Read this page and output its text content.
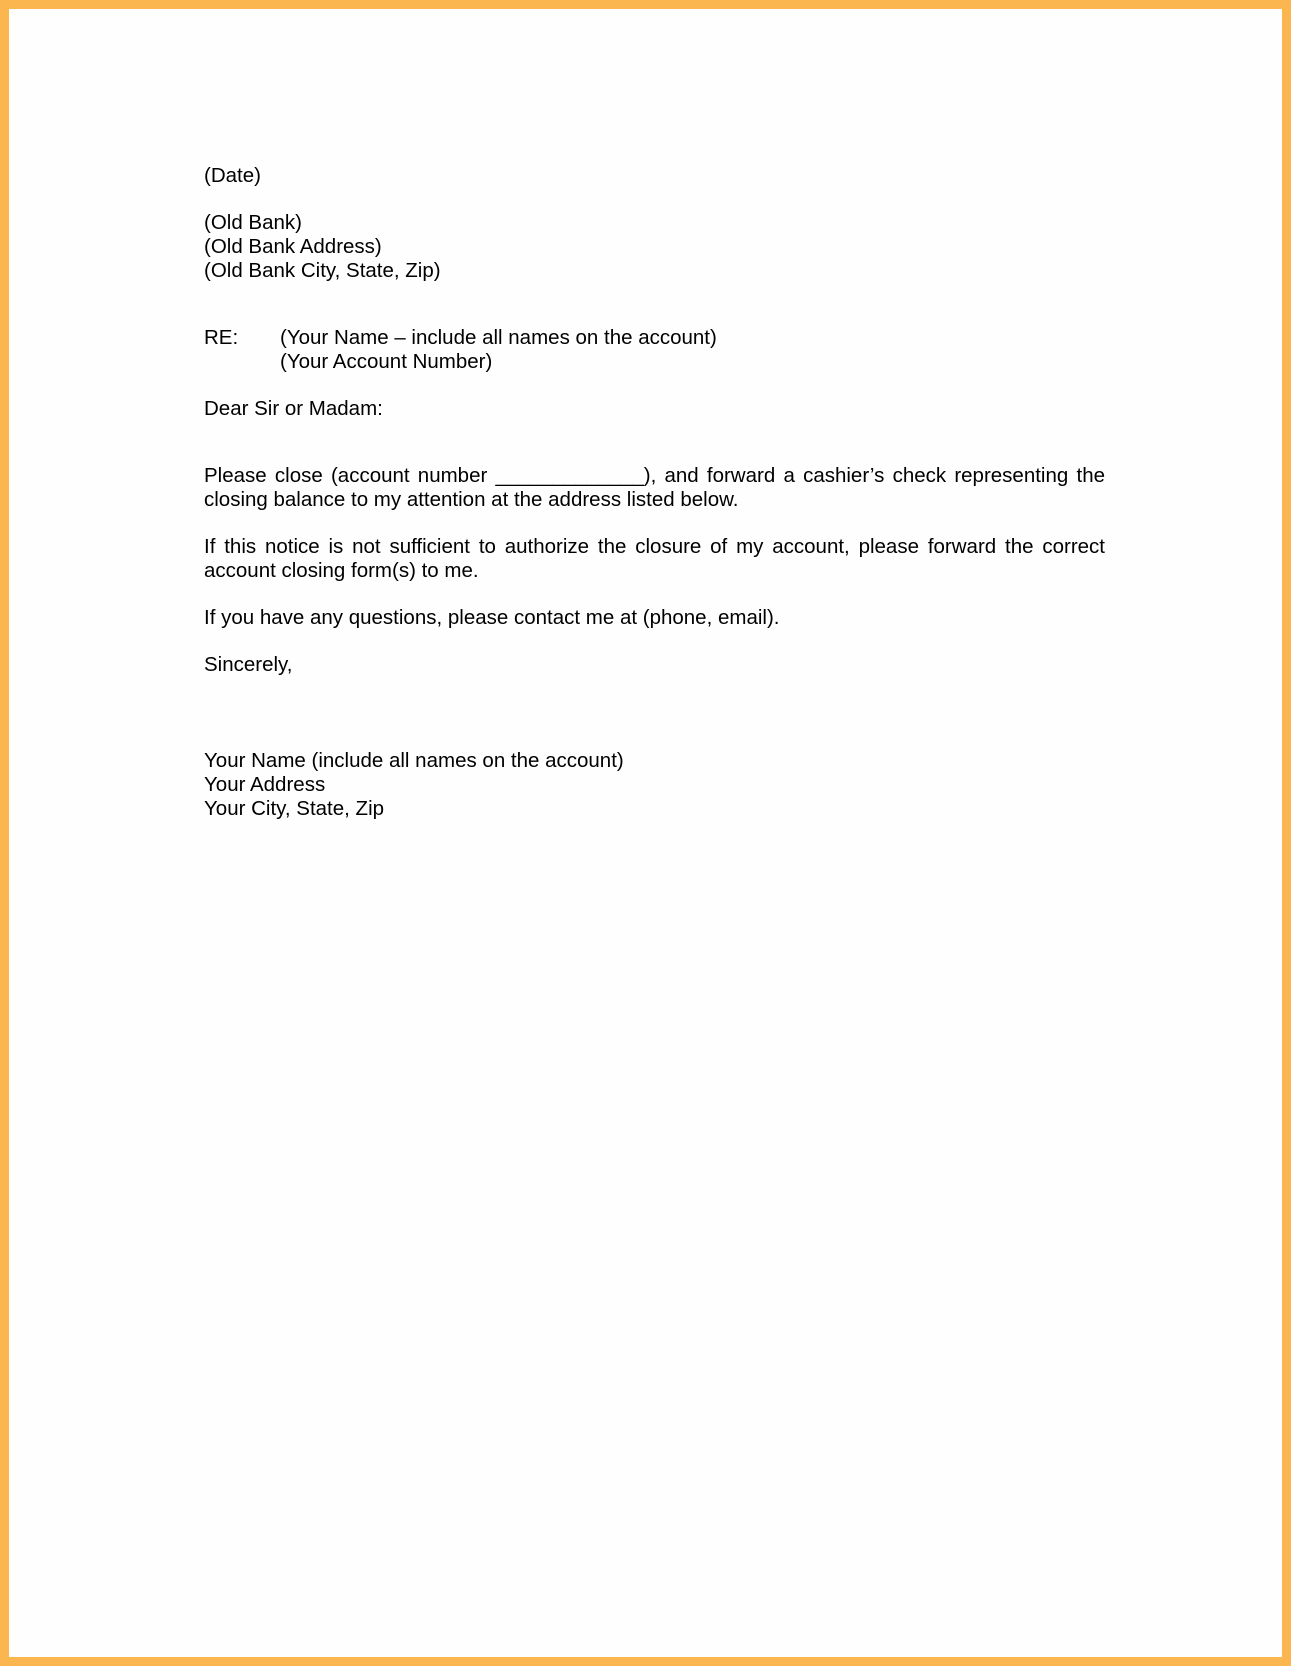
(Date)
(Old Bank)
(Old Bank Address)
(Old Bank City, State, Zip)
RE:	(Your Name – include all names on the account)
(Your Account Number)
Dear Sir or Madam:

Please close (account number _____________), and forward a cashier’s check representing the closing balance to my attention at the address listed below.

If this notice is not sufficient to authorize the closure of my account, please forward the correct account closing form(s) to me.

If you have any questions, please contact me at (phone, email).

Sincerely,
Your Name (include all names on the account)
Your Address
Your City, State, Zip
